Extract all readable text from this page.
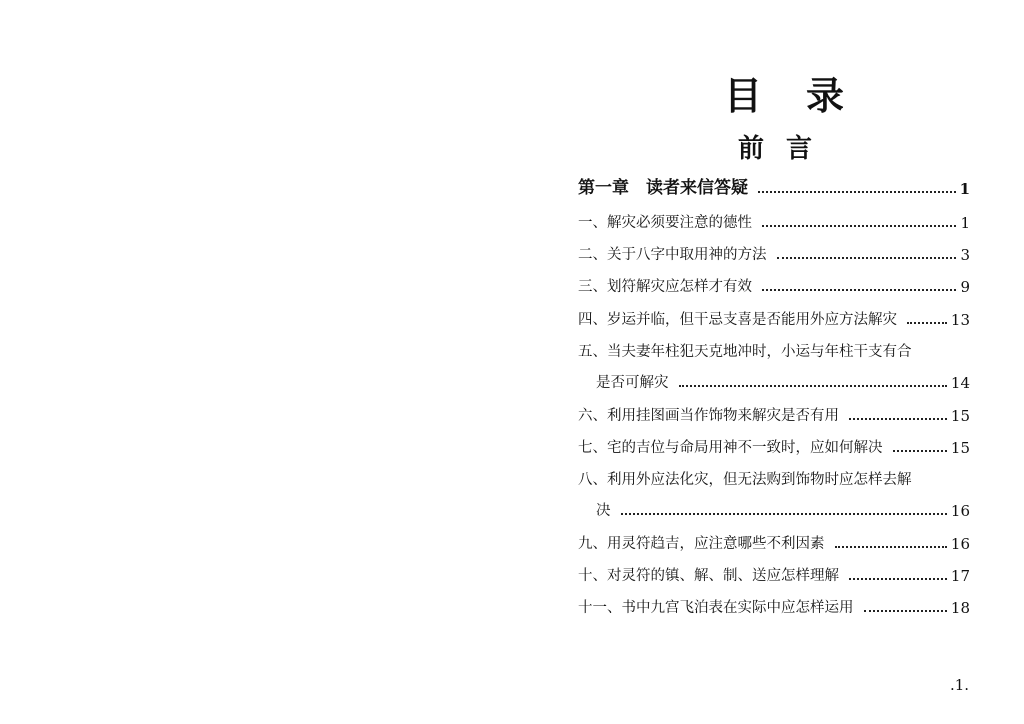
目录
前言
第一章　读者来信答疑	1
一、解灾必须要注意的德性	1
二、关于八字中取用神的方法	3
三、划符解灾应怎样才有效	9
四、岁运并临，但干忌支喜是否能用外应方法解灾	13
五、当夫妻年柱犯天克地冲时，小运与年柱干支有合
是否可解灾	14
六、利用挂图画当作饰物来解灾是否有用	15
七、宅的吉位与命局用神不一致时，应如何解决	15
八、利用外应法化灾，但无法购到饰物时应怎样去解
决	16
九、用灵符趋吉，应注意哪些不利因素	16
十、对灵符的镇、解、制、送应怎样理解	17
十一、书中九宫飞泊表在实际中应怎样运用	18
.1.
